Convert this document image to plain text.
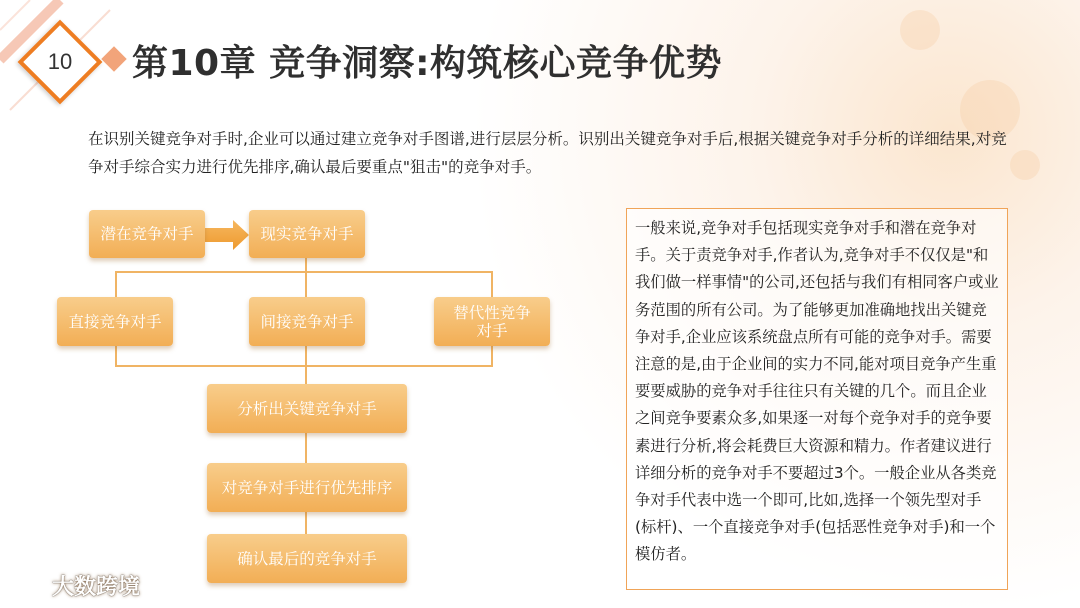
10	第10章 竞争洞察:构筑核心竞争优势
在识别关键竞争对手时,企业可以通过建立竞争对手图谱,进行层层分析。识别出关键竞争对手后,根据关键竞争对手分析的详细结果,对竞争对手综合实力进行优先排序,确认最后要重点"狙击"的竞争对手。
潜在竞争对手	现实竞争对手
直接竞争对手	间接竞争对手	替代性竞争对手
分析出关键竞争对手
对竞争对手进行优先排序
确认最后的竞争对手
一般来说,竞争对手包括现实竞争对手和潜在竞争对手。关于责竞争对手,作者认为,竞争对手不仅仅是"和我们做一样事情"的公司,还包括与我们有相同客户或业务范围的所有公司。为了能够更加准确地找出关键竞争对手,企业应该系统盘点所有可能的竞争对手。需要注意的是,由于企业间的实力不同,能对项目竞争产生重要要威胁的竞争对手往往只有关键的几个。而且企业之间竞争要素众多,如果逐一对每个竞争对手的竞争要素进行分析,将会耗费巨大资源和精力。作者建议进行详细分析的竞争对手不要超过3个。一般企业从各类竞争对手代表中选一个即可,比如,选择一个领先型对手(标杆)、一个直接竞争对手(包括恶性竞争对手)和一个模仿者。
大数跨境
